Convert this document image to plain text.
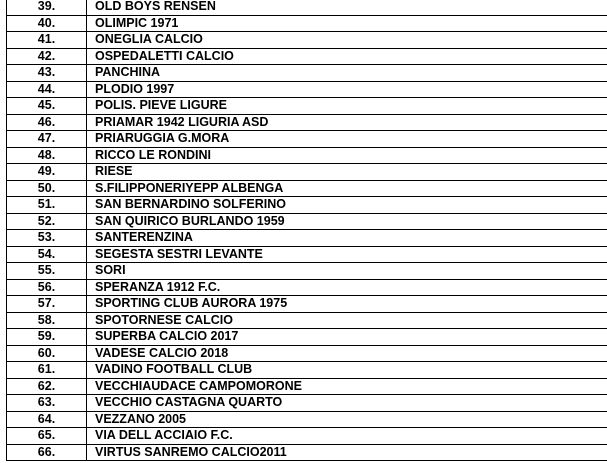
39.	OLD BOYS RENSEN
40.	OLIMPIC 1971
41.	ONEGLIA CALCIO
42.	OSPEDALETTI CALCIO
43.	PANCHINA
44.	PLODIO 1997
45.	POLIS. PIEVE LIGURE
46.	PRIAMAR 1942 LIGURIA ASD
47.	PRIARUGGIA G.MORA
48.	RICCO LE RONDINI
49.	RIESE
50.	S.FILIPPONERIYEPP ALBENGA
51.	SAN BERNARDINO SOLFERINO
52.	SAN QUIRICO BURLANDO 1959
53.	SANTERENZINA
54.	SEGESTA SESTRI LEVANTE
55.	SORI
56.	SPERANZA 1912 F.C.
57.	SPORTING CLUB AURORA 1975
58.	SPOTORNESE CALCIO
59.	SUPERBA CALCIO 2017
60.	VADESE CALCIO 2018
61.	VADINO FOOTBALL CLUB
62.	VECCHIAUDACE CAMPOMORONE
63.	VECCHIO CASTAGNA QUARTO
64.	VEZZANO 2005
65.	VIA DELL ACCIAIO F.C.
66.	VIRTUS SANREMO CALCIO2011
